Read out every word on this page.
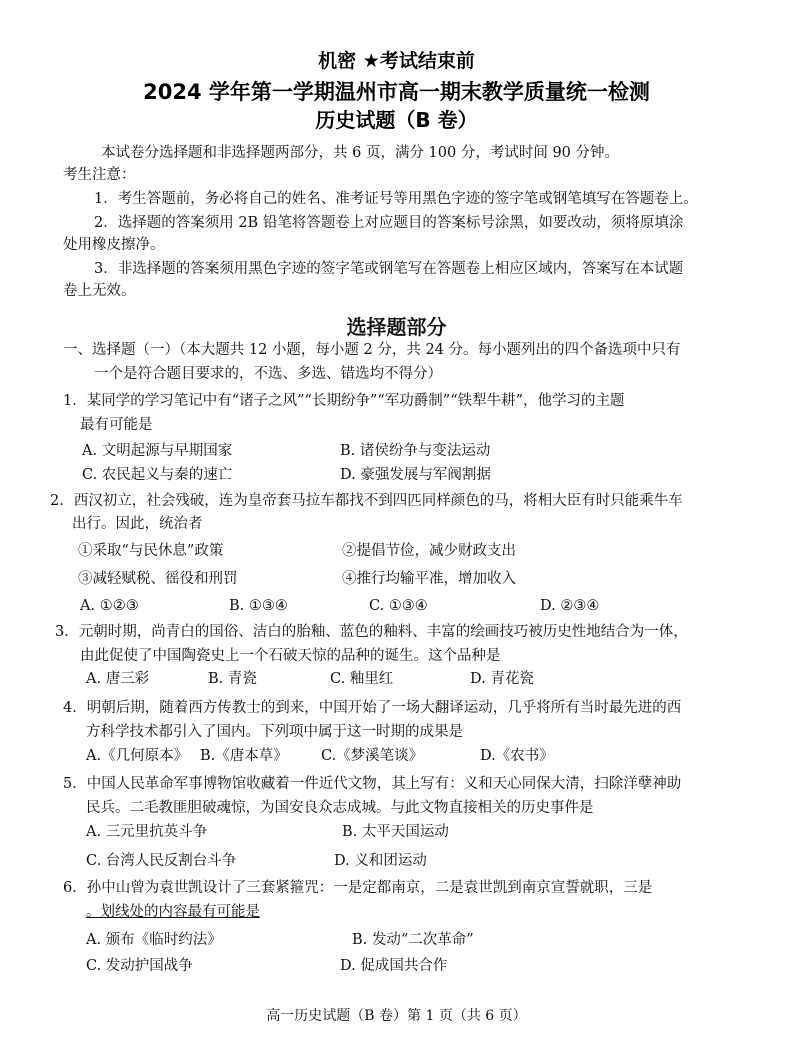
机密 ★考试结束前
2024 学年第一学期温州市高一期末教学质量统一检测
历史试题（B 卷）
本试卷分选择题和非选择题两部分，共 6 页，满分 100 分，考试时间 90 分钟。
考生注意：
1．考生答题前，务必将自己的姓名、准考证号等用黑色字迹的签字笔或钢笔填写在答题卷上。
2．选择题的答案须用 2B 铅笔将答题卷上对应题目的答案标号涂黑，如要改动，须将原填涂
处用橡皮擦净。
3．非选择题的答案须用黑色字迹的签字笔或钢笔写在答题卷上相应区域内，答案写在本试题
卷上无效。
选择题部分
一、选择题（一）（本大题共 12 小题，每小题 2 分，共 24 分。每小题列出的四个备选项中只有
一个是符合题目要求的，不选、多选、错选均不得分）
1．某同学的学习笔记中有“诸子之风”“长期纷争”“军功爵制”“铁犁牛耕”，他学习的主题
最有可能是
A. 文明起源与早期国家	B. 诸侯纷争与变法运动
C. 农民起义与秦的速亡	D. 豪强发展与军阀割据
2．西汉初立，社会残破，连为皇帝套马拉车都找不到四匹同样颜色的马，将相大臣有时只能乘牛车
出行。因此，统治者
①采取“与民休息”政策	②提倡节俭，减少财政支出
③减轻赋税、徭役和刑罚	④推行均输平准，增加收入
A. ①②③	B. ①③④	C. ①③④	D. ②③④
3．元朝时期，尚青白的国俗、洁白的胎釉、蓝色的釉料、丰富的绘画技巧被历史性地结合为一体，
由此促使了中国陶瓷史上一个石破天惊的品种的诞生。这个品种是
A. 唐三彩	B. 青瓷	C. 釉里红	D. 青花瓷
4．明朝后期，随着西方传教士的到来，中国开始了一场大翻译运动，几乎将所有当时最先进的西
方科学技术都引入了国内。下列项中属于这一时期的成果是
A.《几何原本》 B.《唐本草》 C.《梦溪笔谈》	D.《农书》
5．中国人民革命军事博物馆收藏着一件近代文物，其上写有：义和天心同保大清，扫除洋孽神助
民兵。二毛教匪胆破魂惊，为国安良众志成城。与此文物直接相关的历史事件是
A. 三元里抗英斗争	B. 太平天国运动
C. 台湾人民反割台斗争	D. 义和团运动
6．孙中山曾为袁世凯设计了三套紧箍咒：一是定都南京，二是袁世凯到南京宣誓就职，三是
。划线处的内容最有可能是
A. 颁布《临时约法》	B. 发动“二次革命”
C. 发动护国战争	D. 促成国共合作
高一历史试题（B 卷）第 1 页（共 6 页）
